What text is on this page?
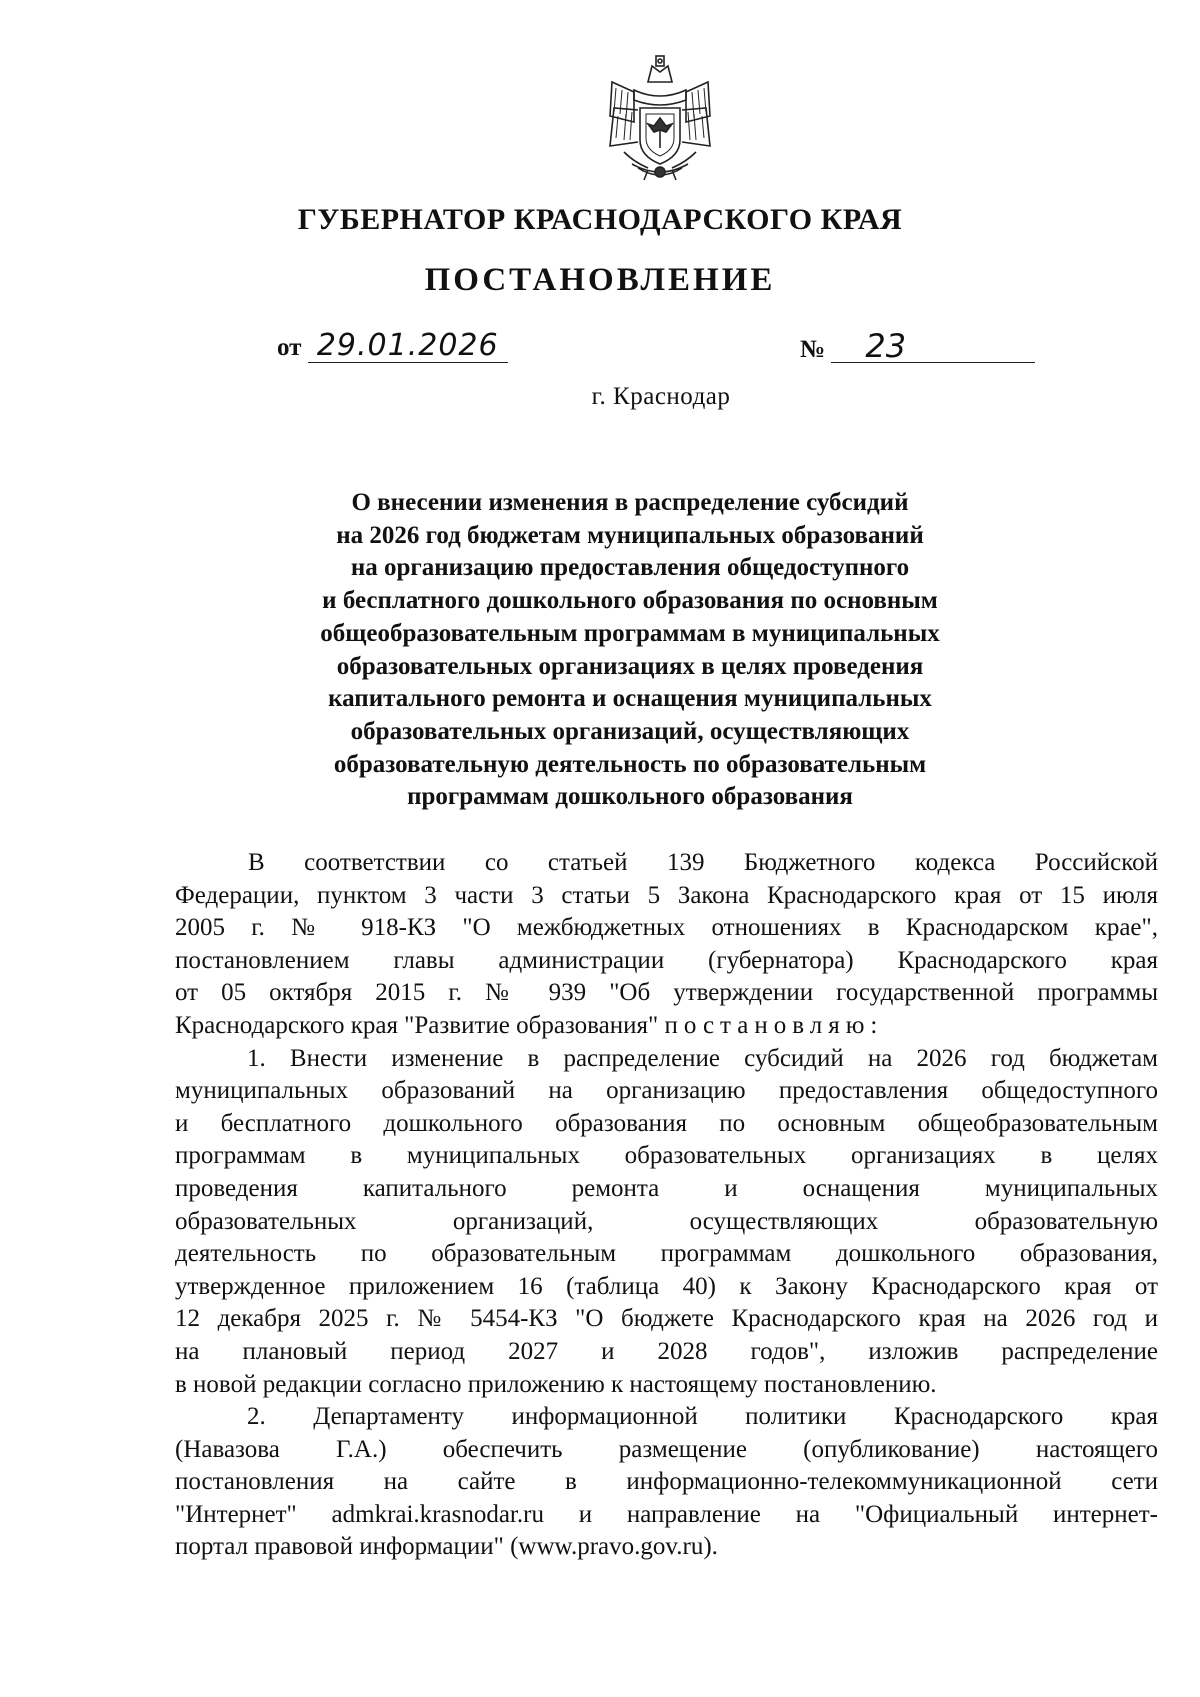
ГУБЕРНАТОР КРАСНОДАРСКОГО КРАЯ
ПОСТАНОВЛЕНИЕ
от 29.01.2026	№ 23
г. Краснодар
О внесении изменения в распределение субсидий
на 2026 год бюджетам муниципальных образований
на организацию предоставления общедоступного
и бесплатного дошкольного образования по основным
общеобразовательным программам в муниципальных
образовательных организациях в целях проведения
капитального ремонта и оснащения муниципальных
образовательных организаций, осуществляющих
образовательную деятельность по образовательным
программам дошкольного образования
В соответствии со статьей 139 Бюджетного кодекса Российской
Федерации, пунктом 3 части 3 статьи 5 Закона Краснодарского края от 15 июля
2005 г. № 918-КЗ "О межбюджетных отношениях в Краснодарском крае",
постановлением главы администрации (губернатора) Краснодарского края
от 05 октября 2015 г. № 939 "Об утверждении государственной программы
Краснодарского края "Развитие образования" постановляю:
1. Внести изменение в распределение субсидий на 2026 год бюджетам
муниципальных образований на организацию предоставления общедоступного
и бесплатного дошкольного образования по основным общеобразовательным
программам в муниципальных образовательных организациях в целях
проведения капитального ремонта и оснащения муниципальных
образовательных организаций, осуществляющих образовательную
деятельность по образовательным программам дошкольного образования,
утвержденное приложением 16 (таблица 40) к Закону Краснодарского края от
12 декабря 2025 г. № 5454-КЗ "О бюджете Краснодарского края на 2026 год и
на плановый период 2027 и 2028 годов", изложив распределение
в новой редакции согласно приложению к настоящему постановлению.
2. Департаменту информационной политики Краснодарского края
(Навазова Г.А.) обеспечить размещение (опубликование) настоящего
постановления на сайте в информационно-телекоммуникационной сети
"Интернет" admkrai.krasnodar.ru и направление на "Официальный интернет-
портал правовой информации" (www.pravo.gov.ru).
